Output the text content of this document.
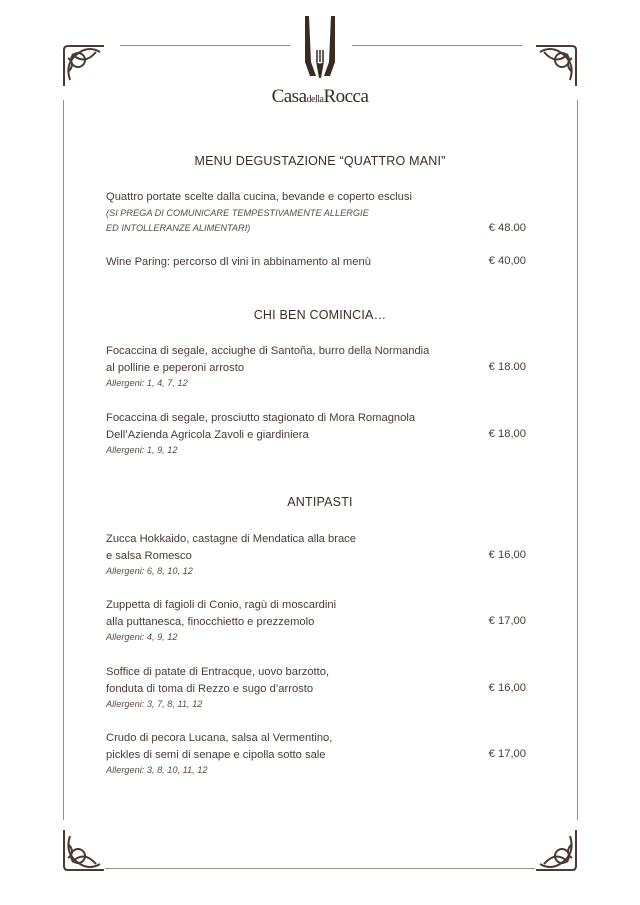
CasadellaRocca
MENU DEGUSTAZIONE “QUATTRO MANI”
Quattro portate scelte dalla cucina, bevande e coperto esclusi
(SI PREGA DI COMUNICARE TEMPESTIVAMENTE ALLERGIE
ED INTOLLERANZE ALIMENTARI)	€ 48.00
Wine Paring: percorso dl vini in abbinamento al menù	€ 40,00
CHI BEN COMINCIA…
Focaccina di segale, acciughe di Santoña, burro della Normandia
al polline e peperoni arrosto
Allergeni: 1, 4, 7, 12
€ 18.00
Focaccina di segale, prosciutto stagionato di Mora Romagnola
Dell’Azienda Agricola Zavoli e giardiniera
Allergeni: 1, 9, 12
€ 18,00
ANTIPASTI
Zucca Hokkaido, castagne di Mendatica alla brace
e salsa Romesco
Allergeni: 6, 8, 10, 12
€ 16,00
Zuppetta di fagioli di Conio, ragù di moscardini
alla puttanesca, finocchietto e prezzemolo
Allergeni: 4, 9, 12
€ 17,00
Soffice di patate di Entracque, uovo barzotto,
fonduta di toma di Rezzo e sugo d’arrosto
Allergeni: 3, 7, 8, 11, 12
€ 16,00
Crudo di pecora Lucana, salsa al Vermentino,
pickles di semi di senape e cipolla sotto sale
Allergeni: 3, 8, 10, 11, 12
€ 17,00
